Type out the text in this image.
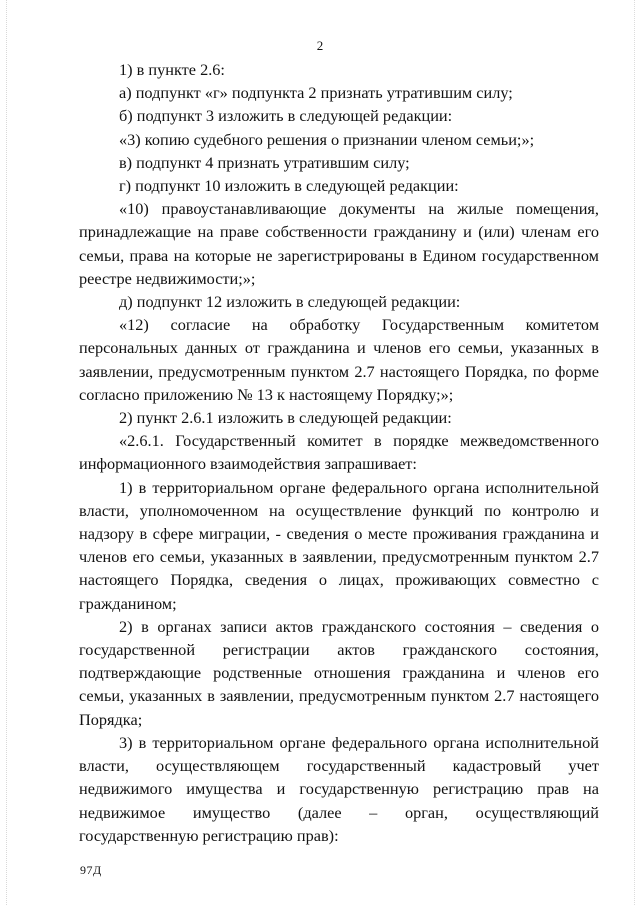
2

1) в пункте 2.6:

а) подпункт «г» подпункта 2 признать утратившим силу;

б) подпункт 3 изложить в следующей редакции:

«3) копию судебного решения о признании членом семьи;»;

в) подпункт 4 признать утратившим силу;

г) подпункт 10 изложить в следующей редакции:

«10) правоустанавливающие документы на жилые помещения, принадлежащие на праве собственности гражданину и (или) членам его семьи, права на которые не зарегистрированы в Едином государственном реестре недвижимости;»;

д) подпункт 12 изложить в следующей редакции:

«12) согласие на обработку Государственным комитетом персональных данных от гражданина и членов его семьи, указанных в заявлении, предусмотренным пунктом 2.7 настоящего Порядка, по форме согласно приложению № 13 к настоящему Порядку;»;

2) пункт 2.6.1 изложить в следующей редакции:

«2.6.1. Государственный комитет в порядке межведомственного информационного взаимодействия запрашивает:

1) в территориальном органе федерального органа исполнительной власти, уполномоченном на осуществление функций по контролю и надзору в сфере миграции, - сведения о месте проживания гражданина и членов его семьи, указанных в заявлении, предусмотренным пунктом 2.7 настоящего Порядка, сведения о лицах, проживающих совместно с гражданином;

2) в органах записи актов гражданского состояния – сведения о государственной регистрации актов гражданского состояния, подтверждающие родственные отношения гражданина и членов его семьи, указанных в заявлении, предусмотренным пунктом 2.7 настоящего Порядка;

3) в территориальном органе федерального органа исполнительной власти, осуществляющем государственный кадастровый учет недвижимого имущества и государственную регистрацию прав на недвижимое имущество (далее – орган, осуществляющий государственную регистрацию прав):

97Д
